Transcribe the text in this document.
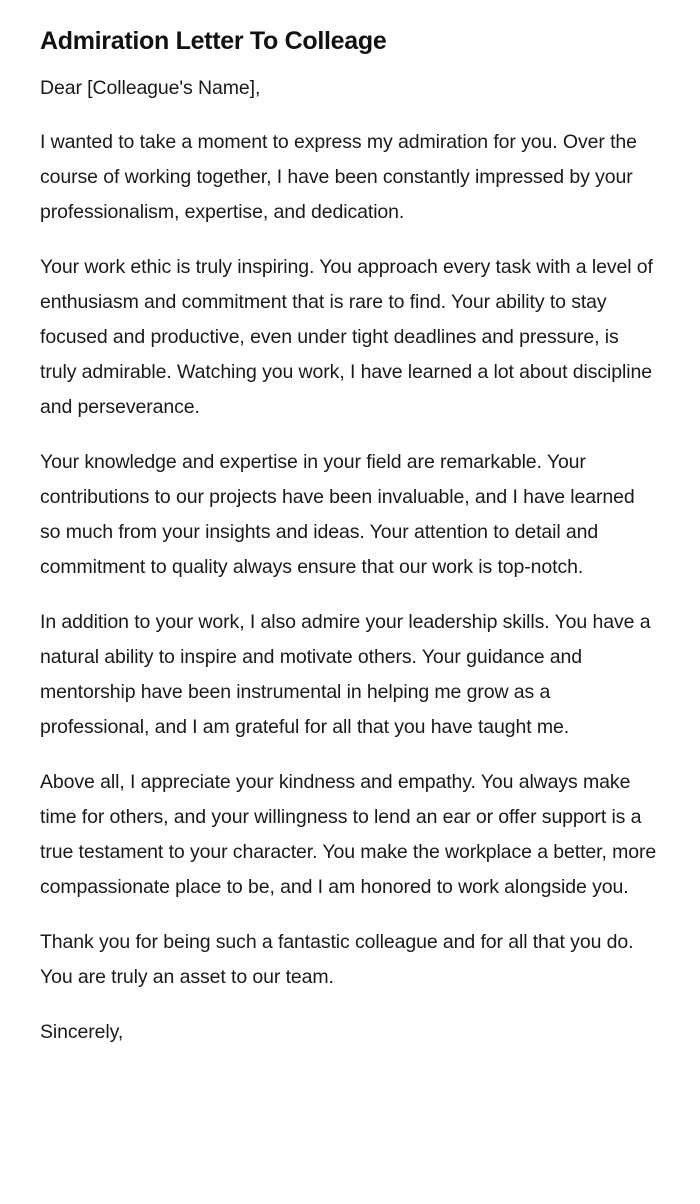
Admiration Letter To Colleage

Dear [Colleague's Name],

I wanted to take a moment to express my admiration for you. Over the course of working together, I have been constantly impressed by your professionalism, expertise, and dedication.

Your work ethic is truly inspiring. You approach every task with a level of enthusiasm and commitment that is rare to find. Your ability to stay focused and productive, even under tight deadlines and pressure, is truly admirable. Watching you work, I have learned a lot about discipline and perseverance.

Your knowledge and expertise in your field are remarkable. Your contributions to our projects have been invaluable, and I have learned so much from your insights and ideas. Your attention to detail and commitment to quality always ensure that our work is top-notch.

In addition to your work, I also admire your leadership skills. You have a natural ability to inspire and motivate others. Your guidance and mentorship have been instrumental in helping me grow as a professional, and I am grateful for all that you have taught me.

Above all, I appreciate your kindness and empathy. You always make time for others, and your willingness to lend an ear or offer support is a true testament to your character. You make the workplace a better, more compassionate place to be, and I am honored to work alongside you.

Thank you for being such a fantastic colleague and for all that you do. You are truly an asset to our team.

Sincerely,
